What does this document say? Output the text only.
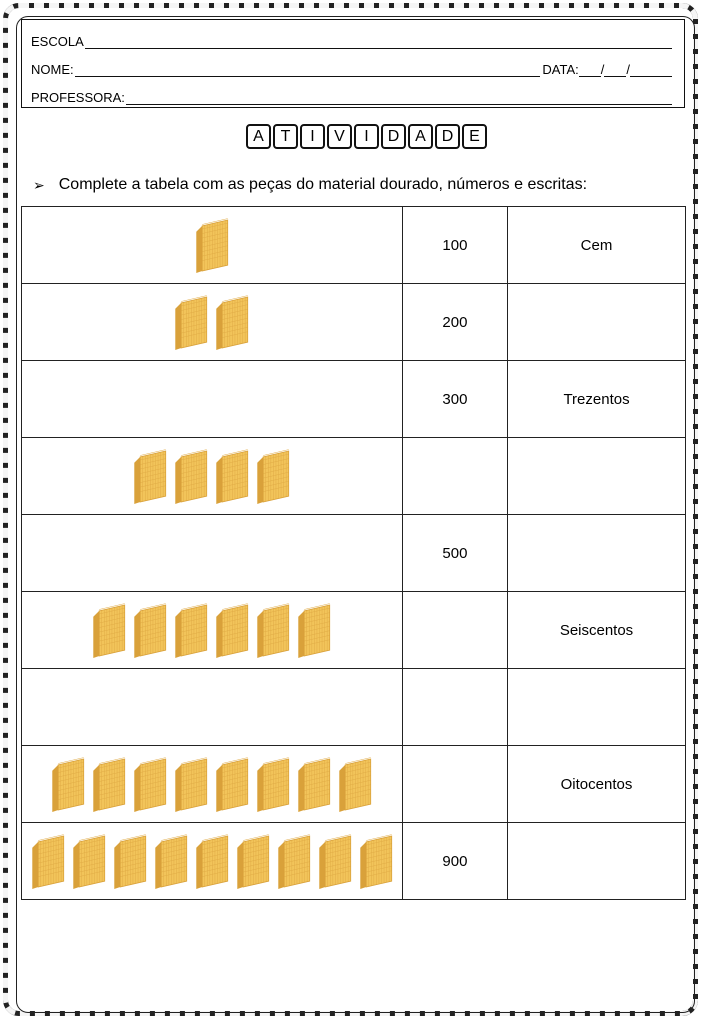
ESCOLA
NOME:	DATA: / /
PROFESSORA:
A	T	I	V	I	D A D E
➢ Complete a tabela com as peças do material dourado, números e escritas:
	100	Cem

	200	

	300	Trezentos

	500	

		Seiscentos

		Oitocentos

	900	
